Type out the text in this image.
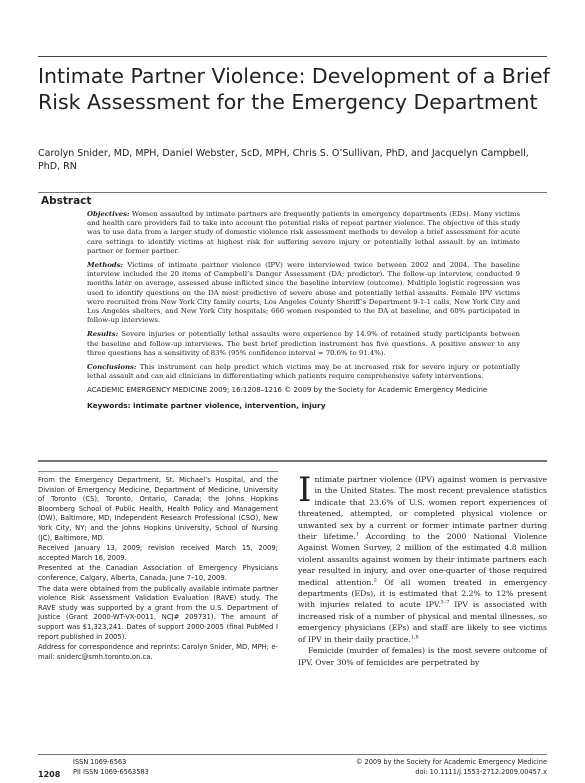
Intimate Partner Violence: Development of a Brief Risk Assessment for the Emergency Department
Carolyn Snider, MD, MPH, Daniel Webster, ScD, MPH, Chris S. O’Sullivan, PhD, and Jacquelyn Campbell, PhD, RN
Abstract

Objectives: Women assaulted by intimate partners are frequently patients in emergency departments (EDs). Many victims and health care providers fail to take into account the potential risks of repeat partner violence. The objective of this study was to use data from a larger study of domestic violence risk assessment methods to develop a brief assessment for acute care settings to identify victims at highest risk for suffering severe injury or potentially lethal assault by an intimate partner or former partner.

Methods: Victims of intimate partner violence (IPV) were interviewed twice between 2002 and 2004. The baseline interview included the 20 items of Campbell’s Danger Assessment (DA; predictor). The follow-up interview, conducted 9 months later on average, assessed abuse inflicted since the baseline interview (outcome). Multiple logistic regression was used to identify questions on the DA most predictive of severe abuse and potentially lethal assaults. Female IPV victims were recruited from New York City family courts, Los Angeles County Sheriff’s Department 9-1-1 calls, New York City and Los Angeles shelters, and New York City hospitals; 666 women responded to the DA at baseline, and 60% participated in follow-up interviews.

Results: Severe injuries or potentially lethal assaults were experience by 14.9% of retained study participants between the baseline and follow-up interviews. The best brief prediction instrument has five questions. A positive answer to any three questions has a sensitivity of 83% (95% confidence interval = 70.6% to 91.4%).

Conclusions: This instrument can help predict which victims may be at increased risk for severe injury or potentially lethal assault and can aid clinicians in differentiating which patients require comprehensive safety interventions.

ACADEMIC EMERGENCY MEDICINE 2009; 16:1208–1216 © 2009 by the Society for Academic Emergency Medicine

Keywords: intimate partner violence, intervention, injury

From the Emergency Department, St. Michael’s Hospital, and the Division of Emergency Medicine, Department of Medicine, University of Toronto (CS), Toronto, Ontario, Canada; the Johns Hopkins Bloomberg School of Public Health, Health Policy and Management (DW), Baltimore, MD; Independent Research Professional (CSO), New York City, NY; and the Johns Hopkins University, School of Nursing (JC), Baltimore, MD.

Received January 13, 2009; revision received March 15, 2009; accepted March 16, 2009.

Presented at the Canadian Association of Emergency Physicians conference, Calgary, Alberta, Canada, June 7–10, 2009.

The data were obtained from the publically available intimate partner violence Risk Assessment Validation Evaluation (RAVE) study. The RAVE study was supported by a grant from the U.S. Department of Justice (Grant 2000-WT-VX-0011, NCJ# 209731). The amount of support was $1,323,241. Dates of support 2000-2005 (final PubMed I report published in 2005).

Address for correspondence and reprints: Carolyn Snider, MD, MPH; e-mail: sniderc@smh.toronto.on.ca.

Intimate partner violence (IPV) against women is pervasive in the United States. The most recent prevalence statistics indicate that 23.6% of U.S. women report experiences of threatened, attempted, or completed physical violence or unwanted sex by a current or former intimate partner during their lifetime.$^1$ According to the 2000 National Violence Against Women Survey, 2 million of the estimated 4.8 million violent assaults against women by their intimate partners each year resulted in injury, and over one-quarter of those required medical attention.$^2$ Of all women treated in emergency departments (EDs), it is estimated that 2.2% to 12% present with injuries related to acute IPV.$^{3-7}$ IPV is associated with increased risk of a number of physical and mental illnesses, so emergency physicians (EPs) and staff are likely to see victims of IPV in their daily practice.$^{1,8}$

Femicide (murder of females) is the most severe outcome of IPV. Over 30% of femicides are perpetrated by

ISSN 1069-6563
PII ISSN 1069-6563583
1208
© 2009 by the Society for Academic Emergency Medicine
doi: 10.1111/j.1553-2712.2009.00457.x
